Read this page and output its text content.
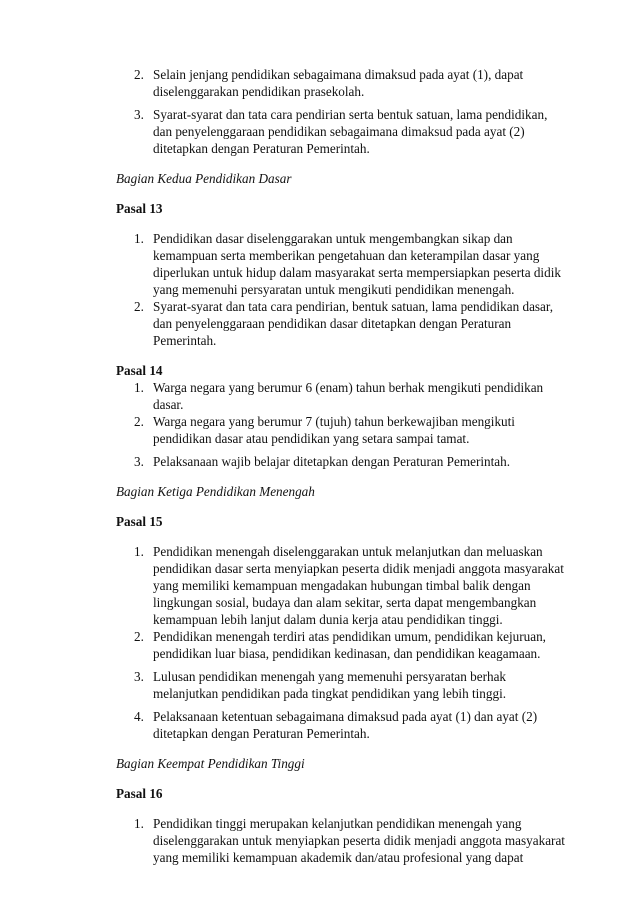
2. Selain jenjang pendidikan sebagaimana dimaksud pada ayat (1), dapat diselenggarakan pendidikan prasekolah.
3. Syarat-syarat dan tata cara pendirian serta bentuk satuan, lama pendidikan, dan penyelenggaraan pendidikan sebagaimana dimaksud pada ayat (2) ditetapkan dengan Peraturan Pemerintah.
Bagian Kedua Pendidikan Dasar
Pasal 13
1. Pendidikan dasar diselenggarakan untuk mengembangkan sikap dan kemampuan serta memberikan pengetahuan dan keterampilan dasar yang diperlukan untuk hidup dalam masyarakat serta mempersiapkan peserta didik yang memenuhi persyaratan untuk mengikuti pendidikan menengah.
2. Syarat-syarat dan tata cara pendirian, bentuk satuan, lama pendidikan dasar, dan penyelenggaraan pendidikan dasar ditetapkan dengan Peraturan Pemerintah.
Pasal 14
1. Warga negara yang berumur 6 (enam) tahun berhak mengikuti pendidikan dasar.
2. Warga negara yang berumur 7 (tujuh) tahun berkewajiban mengikuti pendidikan dasar atau pendidikan yang setara sampai tamat.
3. Pelaksanaan wajib belajar ditetapkan dengan Peraturan Pemerintah.
Bagian Ketiga Pendidikan Menengah
Pasal 15
1. Pendidikan menengah diselenggarakan untuk melanjutkan dan meluaskan pendidikan dasar serta menyiapkan peserta didik menjadi anggota masyarakat yang memiliki kemampuan mengadakan hubungan timbal balik dengan lingkungan sosial, budaya dan alam sekitar, serta dapat mengembangkan kemampuan lebih lanjut dalam dunia kerja atau pendidikan tinggi.
2. Pendidikan menengah terdiri atas pendidikan umum, pendidikan kejuruan, pendidikan luar biasa, pendidikan kedinasan, dan pendidikan keagamaan.
3. Lulusan pendidikan menengah yang memenuhi persyaratan berhak melanjutkan pendidikan pada tingkat pendidikan yang lebih tinggi.
4. Pelaksanaan ketentuan sebagaimana dimaksud pada ayat (1) dan ayat (2) ditetapkan dengan Peraturan Pemerintah.
Bagian Keempat Pendidikan Tinggi
Pasal 16
1. Pendidikan tinggi merupakan kelanjutkan pendidikan menengah yang diselenggarakan untuk menyiapkan peserta didik menjadi anggota masyakarat yang memiliki kemampuan akademik dan/atau profesional yang dapat
